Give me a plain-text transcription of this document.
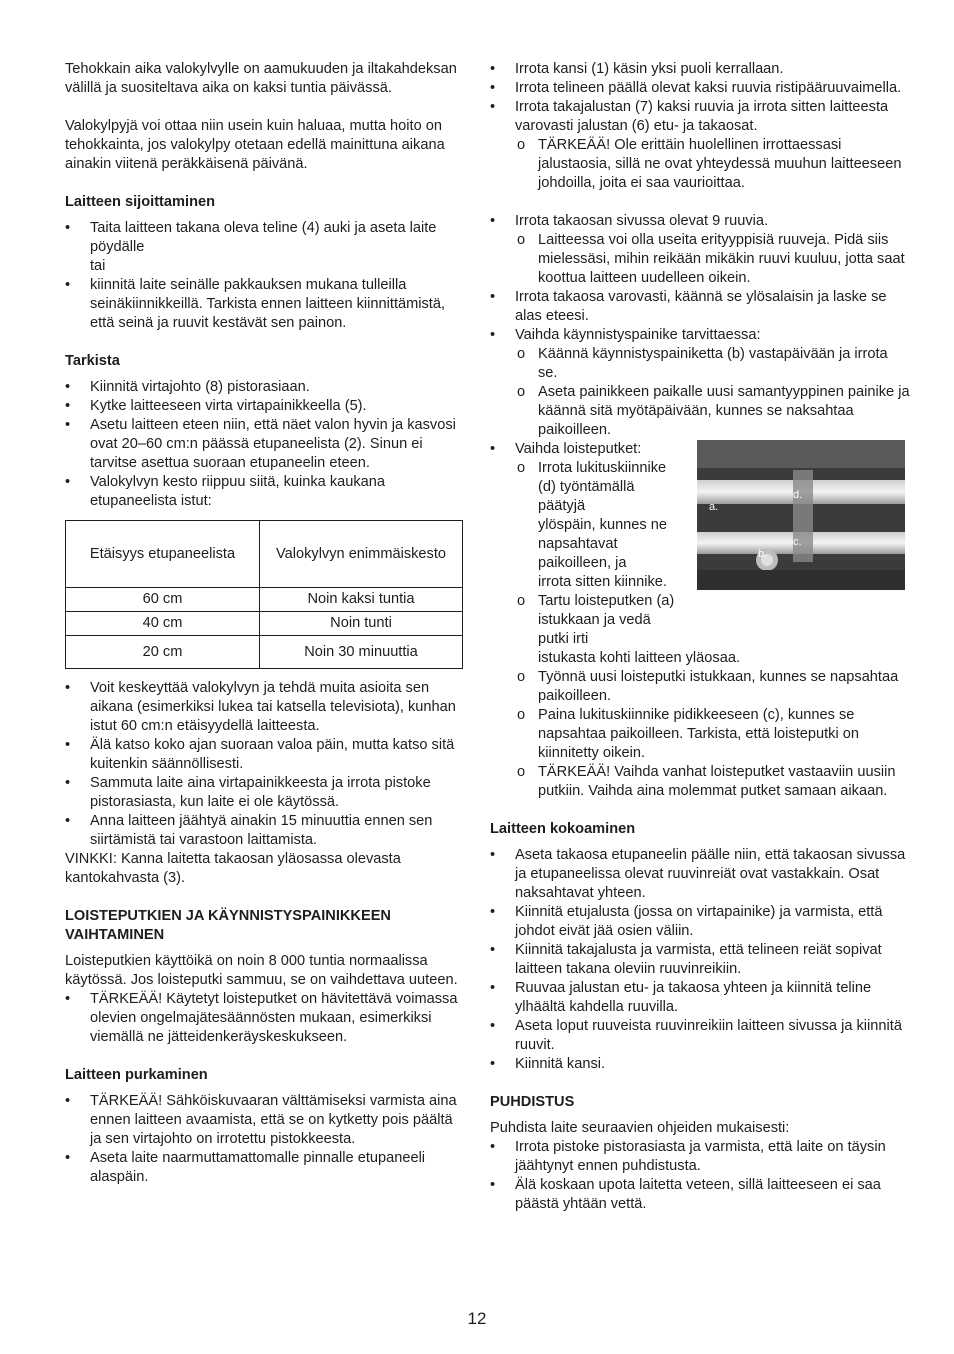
Tehokkain aika valokylvylle on aamukuuden ja iltakahdeksan välillä ja suositeltava aika on kaksi tuntia päivässä.

Valokylpyjä voi ottaa niin usein kuin haluaa, mutta hoito on tehokkainta, jos valokylpy otetaan edellä mainittuna aikana ainakin viitenä peräkkäisenä päivänä.

Laitteen sijoittaminen
• Taita laitteen takana oleva teline (4) auki ja aseta laite pöydälle
tai
• kiinnitä laite seinälle pakkauksen mukana tulleilla seinäkiinnikkeillä. Tarkista ennen laitteen kiinnittämistä, että seinä ja ruuvit kestävät sen painon.
Tarkista
• Kiinnitä virtajohto (8) pistorasiaan.
• Kytke laitteeseen virta virtapainikkeella (5).
• Asetu laitteen eteen niin, että näet valon hyvin ja kasvosi ovat 20–60 cm:n päässä etupaneelista (2). Sinun ei tarvitse asettua suoraan etupaneelin eteen.
• Valokylvyn kesto riippuu siitä, kuinka kaukana etupaneelista istut:
Etäisyys etupaneelista	Valokylvyn enimmäiskesto
60 cm	Noin kaksi tuntia
40 cm	Noin tunti
20 cm	Noin 30 minuuttia
• Voit keskeyttää valokylvyn ja tehdä muita asioita sen aikana (esimerkiksi lukea tai katsella televisiota), kunhan istut 60 cm:n etäisyydellä laitteesta.
• Älä katso koko ajan suoraan valoa päin, mutta katso sitä kuitenkin säännöllisesti.
• Sammuta laite aina virtapainikkeesta ja irrota pistoke pistorasiasta, kun laite ei ole käytössä.
• Anna laitteen jäähtyä ainakin 15 minuuttia ennen sen siirtämistä tai varastoon laittamista.

VINKKI: Kanna laitetta takaosan yläosassa olevasta kantokahvasta (3).

LOISTEPUTKIEN JA KÄYNNISTYSPAINIKKEEN VAIHTAMINEN

Loisteputkien käyttöikä on noin 8 000 tuntia normaalissa käytössä. Jos loisteputki sammuu, se on vaihdettava uuteen.

• TÄRKEÄÄ! Käytetyt loisteputket on hävitettävä voimassa olevien ongelmajätesäännösten mukaan, esimerkiksi viemällä ne jätteidenkeräyskeskukseen.
Laitteen purkaminen
• TÄRKEÄÄ! Sähköiskuvaaran välttämiseksi varmista aina ennen laitteen avaamista, että se on kytketty pois päältä ja sen virtajohto on irrotettu pistokkeesta.
• Aseta laite naarmuttamattomalle pinnalle etupaneeli alaspäin.
• Irrota kansi (1) käsin yksi puoli kerrallaan.
• Irrota telineen päällä olevat kaksi ruuvia ristipääruuvaimella.
• Irrota takajalustan (7) kaksi ruuvia ja irrota sitten laitteesta varovasti jalustan (6) etu- ja takaosat.
o TÄRKEÄÄ! Ole erittäin huolellinen irrottaessasi jalustaosia, sillä ne ovat yhteydessä muuhun laitteeseen johdoilla, joita ei saa vaurioittaa.
• Irrota takaosan sivussa olevat 9 ruuvia.
o Laitteessa voi olla useita erityyppisiä ruuveja. Pidä siis mielessäsi, mihin reikään mikäkin ruuvi kuuluu, jotta saat koottua laitteen uudelleen oikein.
• Irrota takaosa varovasti, käännä se ylösalaisin ja laske se alas eteesi.
• Vaihda käynnistyspainike tarvittaessa:
o Käännä käynnistyspainiketta (b) vastapäivään ja irrota se.
o Aseta painikkeen paikalle uusi samantyyppinen painike ja käännä sitä myötäpäivään, kunnes se naksahtaa paikoilleen.
• Vaihda loisteputket:
a.
b.
c.
d.
o Irrota lukituskiinnike
(d) työntämällä
päätyjä
ylöspäin, kunnes ne
napsahtavat
paikoilleen, ja
irrota sitten kiinnike.
o Tartu loisteputken (a)
istukkaan ja vedä
putki irti
istukasta kohti laitteen yläosaa.
o Työnnä uusi loisteputki istukkaan, kunnes se napsahtaa paikoilleen.
o Paina lukituskiinnike pidikkeeseen (c), kunnes se napsahtaa paikoilleen. Tarkista, että loisteputki on kiinnitetty oikein.
o TÄRKEÄÄ! Vaihda vanhat loisteputket vastaaviin uusiin putkiin. Vaihda aina molemmat putket samaan aikaan.
Laitteen kokoaminen
• Aseta takaosa etupaneelin päälle niin, että takaosan sivussa ja etupaneelissa olevat ruuvinreiät ovat vastakkain. Osat naksahtavat yhteen.
• Kiinnitä etujalusta (jossa on virtapainike) ja varmista, että johdot eivät jää osien väliin.
• Kiinnitä takajalusta ja varmista, että telineen reiät sopivat laitteen takana oleviin ruuvinreikiin.
• Ruuvaa jalustan etu- ja takaosa yhteen ja kiinnitä teline ylhäältä kahdella ruuvilla.
• Aseta loput ruuveista ruuvinreikiin laitteen sivussa ja kiinnitä ruuvit.
• Kiinnitä kansi.
PUHDISTUS

Puhdista laite seuraavien ohjeiden mukaisesti:

• Irrota pistoke pistorasiasta ja varmista, että laite on täysin jäähtynyt ennen puhdistusta.
• Älä koskaan upota laitetta veteen, sillä laitteeseen ei saa päästä yhtään vettä.
12
